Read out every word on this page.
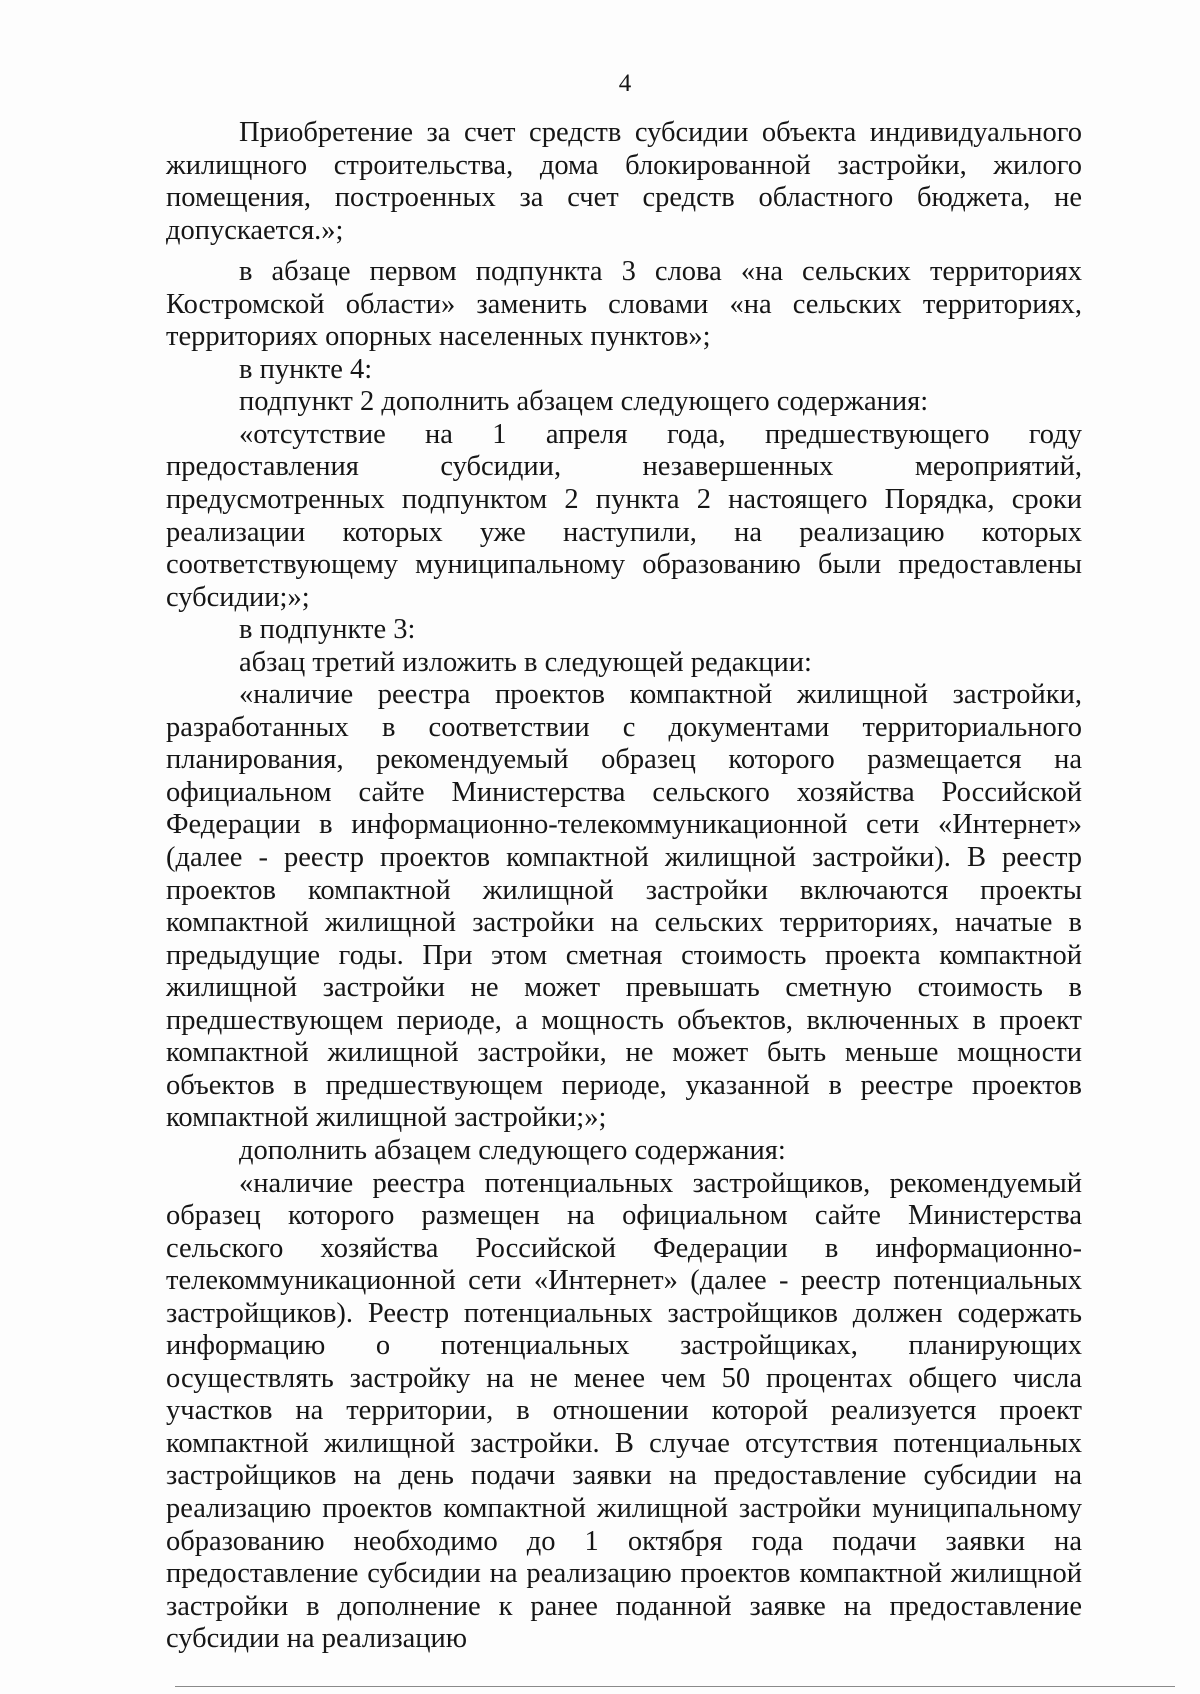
4

Приобретение за счет средств субсидии объекта индивидуального жилищного строительства, дома блокированной застройки, жилого помещения, построенных за счет средств областного бюджета, не допускается.»;

в абзаце первом подпункта 3 слова «на сельских территориях Костромской области» заменить словами «на сельских территориях, территориях опорных населенных пунктов»;

в пункте 4:

подпункт 2 дополнить абзацем следующего содержания:

«отсутствие на 1 апреля года, предшествующего году предоставления субсидии, незавершенных мероприятий, предусмотренных подпунктом 2 пункта 2 настоящего Порядка, сроки реализации которых уже наступили, на реализацию которых соответствующему муниципальному образованию были предоставлены субсидии;»;

в подпункте 3:

абзац третий изложить в следующей редакции:

«наличие реестра проектов компактной жилищной застройки, разработанных в соответствии с документами территориального планирования, рекомендуемый образец которого размещается на официальном сайте Министерства сельского хозяйства Российской Федерации в информационно-телекоммуникационной сети «Интернет» (далее - реестр проектов компактной жилищной застройки). В реестр проектов компактной жилищной застройки включаются проекты компактной жилищной застройки на сельских территориях, начатые в предыдущие годы. При этом сметная стоимость проекта компактной жилищной застройки не может превышать сметную стоимость в предшествующем периоде, а мощность объектов, включенных в проект компактной жилищной застройки, не может быть меньше мощности объектов в предшествующем периоде, указанной в реестре проектов компактной жилищной застройки;»;

дополнить абзацем следующего содержания:

«наличие реестра потенциальных застройщиков, рекомендуемый образец которого размещен на официальном сайте Министерства сельского хозяйства Российской Федерации в информационно-телекоммуникационной сети «Интернет» (далее - реестр потенциальных застройщиков). Реестр потенциальных застройщиков должен содержать информацию о потенциальных застройщиках, планирующих осуществлять застройку на не менее чем 50 процентах общего числа участков на территории, в отношении которой реализуется проект компактной жилищной застройки. В случае отсутствия потенциальных застройщиков на день подачи заявки на предоставление субсидии на реализацию проектов компактной жилищной застройки муниципальному образованию необходимо до 1 октября года подачи заявки на предоставление субсидии на реализацию проектов компактной жилищной застройки в дополнение к ранее поданной заявке на предоставление субсидии на реализацию
